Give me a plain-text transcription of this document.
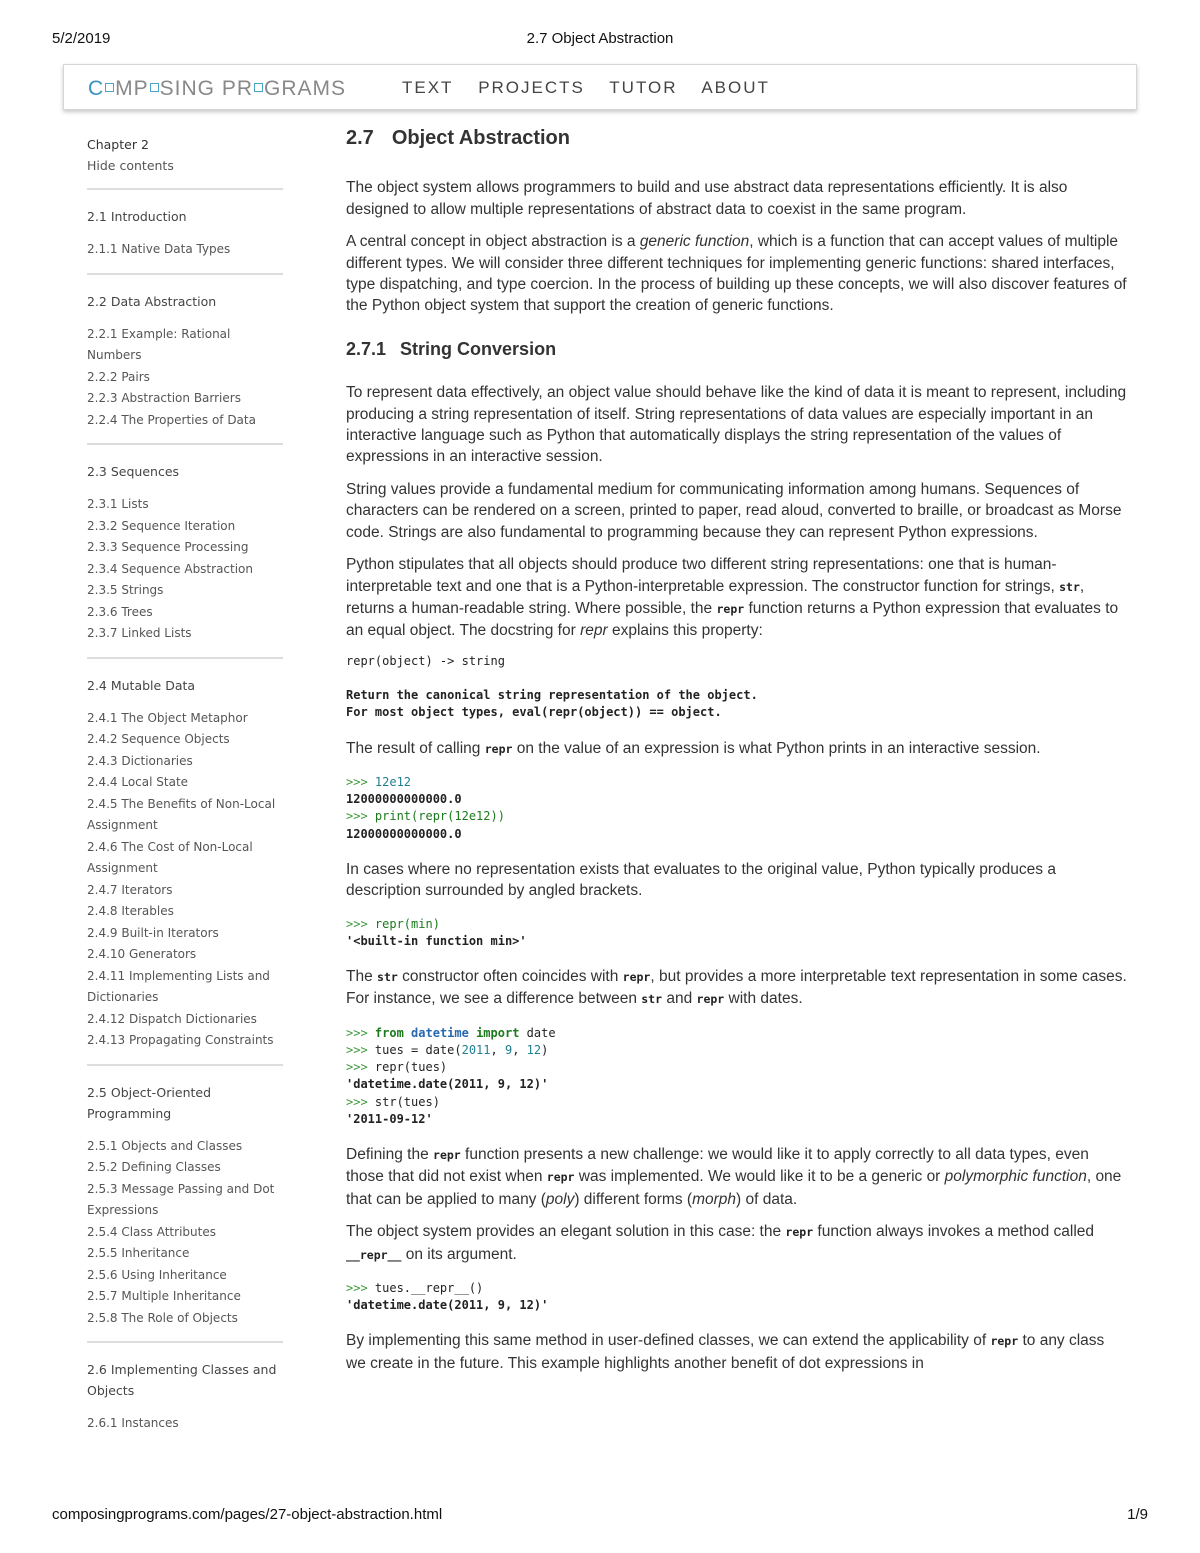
5/2/2019	2.7 Object Abstraction
C MP SING PR GRAMS	TEXT PROJECTS TUTOR ABOUT
Chapter 2
Hide contents
2.1 Introduction
2.1.1 Native Data Types
2.2 Data Abstraction
2.2.1 Example: Rational Numbers
2.2.2 Pairs
2.2.3 Abstraction Barriers
2.2.4 The Properties of Data
2.3 Sequences
2.3.1 Lists
2.3.2 Sequence Iteration
2.3.3 Sequence Processing
2.3.4 Sequence Abstraction
2.3.5 Strings
2.3.6 Trees
2.3.7 Linked Lists
2.4 Mutable Data
2.4.1 The Object Metaphor
2.4.2 Sequence Objects
2.4.3 Dictionaries
2.4.4 Local State
2.4.5 The Benefits of Non-Local Assignment
2.4.6 The Cost of Non-Local Assignment
2.4.7 Iterators
2.4.8 Iterables
2.4.9 Built-in Iterators
2.4.10 Generators
2.4.11 Implementing Lists and Dictionaries
2.4.12 Dispatch Dictionaries
2.4.13 Propagating Constraints
2.5 Object-Oriented Programming
2.5.1 Objects and Classes
2.5.2 Defining Classes
2.5.3 Message Passing and Dot Expressions
2.5.4 Class Attributes
2.5.5 Inheritance
2.5.6 Using Inheritance
2.5.7 Multiple Inheritance
2.5.8 The Role of Objects
2.6 Implementing Classes and Objects
2.6.1 Instances
2.7 Object Abstraction

The object system allows programmers to build and use abstract data representations efficiently. It is also designed to allow multiple representations of abstract data to coexist in the same program.

A central concept in object abstraction is a generic function, which is a function that can accept values of multiple different types. We will consider three different techniques for implementing generic functions: shared interfaces, type dispatching, and type coercion. In the process of building up these concepts, we will also discover features of the Python object system that support the creation of generic functions.

2.7.1 String Conversion

To represent data effectively, an object value should behave like the kind of data it is meant to represent, including producing a string representation of itself. String representations of data values are especially important in an interactive language such as Python that automatically displays the string representation of the values of expressions in an interactive session.

String values provide a fundamental medium for communicating information among humans. Sequences of characters can be rendered on a screen, printed to paper, read aloud, converted to braille, or broadcast as Morse code. Strings are also fundamental to programming because they can represent Python expressions.

Python stipulates that all objects should produce two different string representations: one that is human-interpretable text and one that is a Python-interpretable expression. The constructor function for strings, str, returns a human-readable string. Where possible, the repr function returns a Python expression that evaluates to an equal object. The docstring for repr explains this property:

repr(object) -> string

Return the canonical string representation of the object.
For most object types, eval(repr(object)) == object.

The result of calling repr on the value of an expression is what Python prints in an interactive session.

>>> 12e12
12000000000000.0
>>> print(repr(12e12))
12000000000000.0

In cases where no representation exists that evaluates to the original value, Python typically produces a description surrounded by angled brackets.

>>> repr(min)
'<built-in function min>'

The str constructor often coincides with repr, but provides a more interpretable text representation in some cases. For instance, we see a difference between str and repr with dates.

>>> from datetime import date
>>> tues = date(2011, 9, 12)
>>> repr(tues)
'datetime.date(2011, 9, 12)'
>>> str(tues)
'2011-09-12'

Defining the repr function presents a new challenge: we would like it to apply correctly to all data types, even those that did not exist when repr was implemented. We would like it to be a generic or polymorphic function, one that can be applied to many (poly) different forms (morph) of data.

The object system provides an elegant solution in this case: the repr function always invokes a method called __repr__ on its argument.

>>> tues.__repr__()
'datetime.date(2011, 9, 12)'

By implementing this same method in user-defined classes, we can extend the applicability of repr to any class we create in the future. This example highlights another benefit of dot expressions in

composingprograms.com/pages/27-object-abstraction.html	1/9
